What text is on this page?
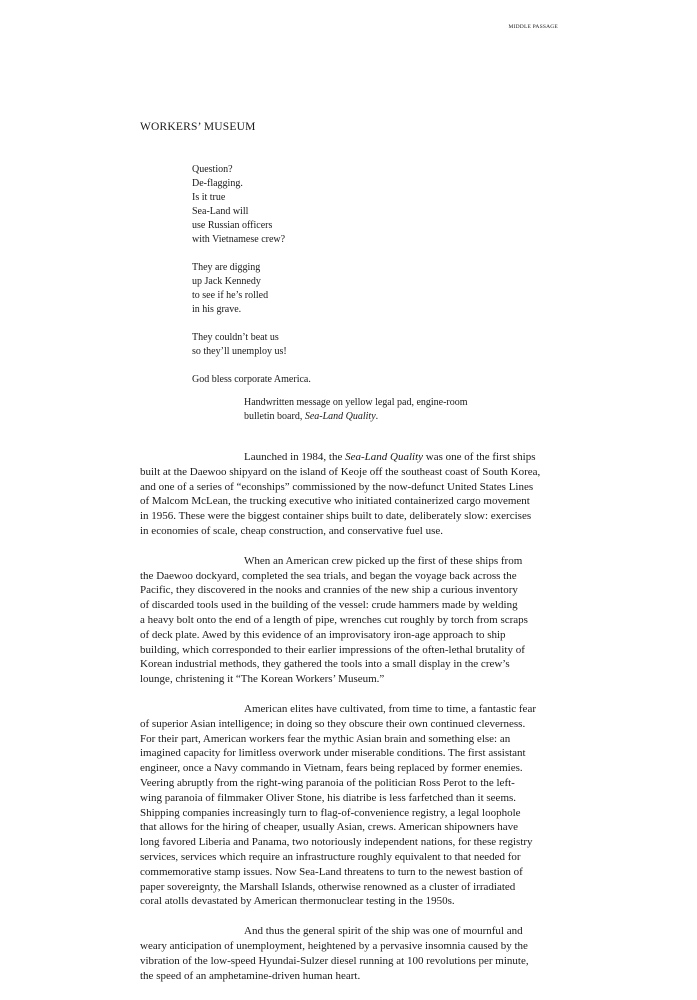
MIDDLE PASSAGE
WORKERS’ MUSEUM
Question?
De-flagging.
Is it true
Sea-Land will
use Russian officers
with Vietnamese crew?
They are digging
up Jack Kennedy
to see if he’s rolled
in his grave.
They couldn’t beat us
so they’ll unemploy us!
God bless corporate America.
Handwritten message on yellow legal pad, engine-room
bulletin board, Sea-Land Quality.
Launched in 1984, the Sea-Land Quality was one of the first ships
built at the Daewoo shipyard on the island of Keoje off the southeast coast of South Korea,
and one of a series of “econships” commissioned by the now-defunct United States Lines
of Malcom McLean, the trucking executive who initiated containerized cargo movement
in 1956. These were the biggest container ships built to date, deliberately slow: exercises
in economies of scale, cheap construction, and conservative fuel use.
When an American crew picked up the first of these ships from
the Daewoo dockyard, completed the sea trials, and began the voyage back across the
Pacific, they discovered in the nooks and crannies of the new ship a curious inventory
of discarded tools used in the building of the vessel: crude hammers made by welding
a heavy bolt onto the end of a length of pipe, wrenches cut roughly by torch from scraps
of deck plate. Awed by this evidence of an improvisatory iron-age approach to ship
building, which corresponded to their earlier impressions of the often-lethal brutality of
Korean industrial methods, they gathered the tools into a small display in the crew’s
lounge, christening it “The Korean Workers’ Museum.”
American elites have cultivated, from time to time, a fantastic fear
of superior Asian intelligence; in doing so they obscure their own continued cleverness.
For their part, American workers fear the mythic Asian brain and something else: an
imagined capacity for limitless overwork under miserable conditions. The first assistant
engineer, once a Navy commando in Vietnam, fears being replaced by former enemies.
Veering abruptly from the right-wing paranoia of the politician Ross Perot to the left-
wing paranoia of filmmaker Oliver Stone, his diatribe is less farfetched than it seems.
Shipping companies increasingly turn to flag-of-convenience registry, a legal loophole
that allows for the hiring of cheaper, usually Asian, crews. American shipowners have
long favored Liberia and Panama, two notoriously independent nations, for these registry
services, services which require an infrastructure roughly equivalent to that needed for
commemorative stamp issues. Now Sea-Land threatens to turn to the newest bastion of
paper sovereignty, the Marshall Islands, otherwise renowned as a cluster of irradiated
coral atolls devastated by American thermonuclear testing in the 1950s.
And thus the general spirit of the ship was one of mournful and
weary anticipation of unemployment, heightened by a pervasive insomnia caused by the
vibration of the low-speed Hyundai-Sulzer diesel running at 100 revolutions per minute,
the speed of an amphetamine-driven human heart.
